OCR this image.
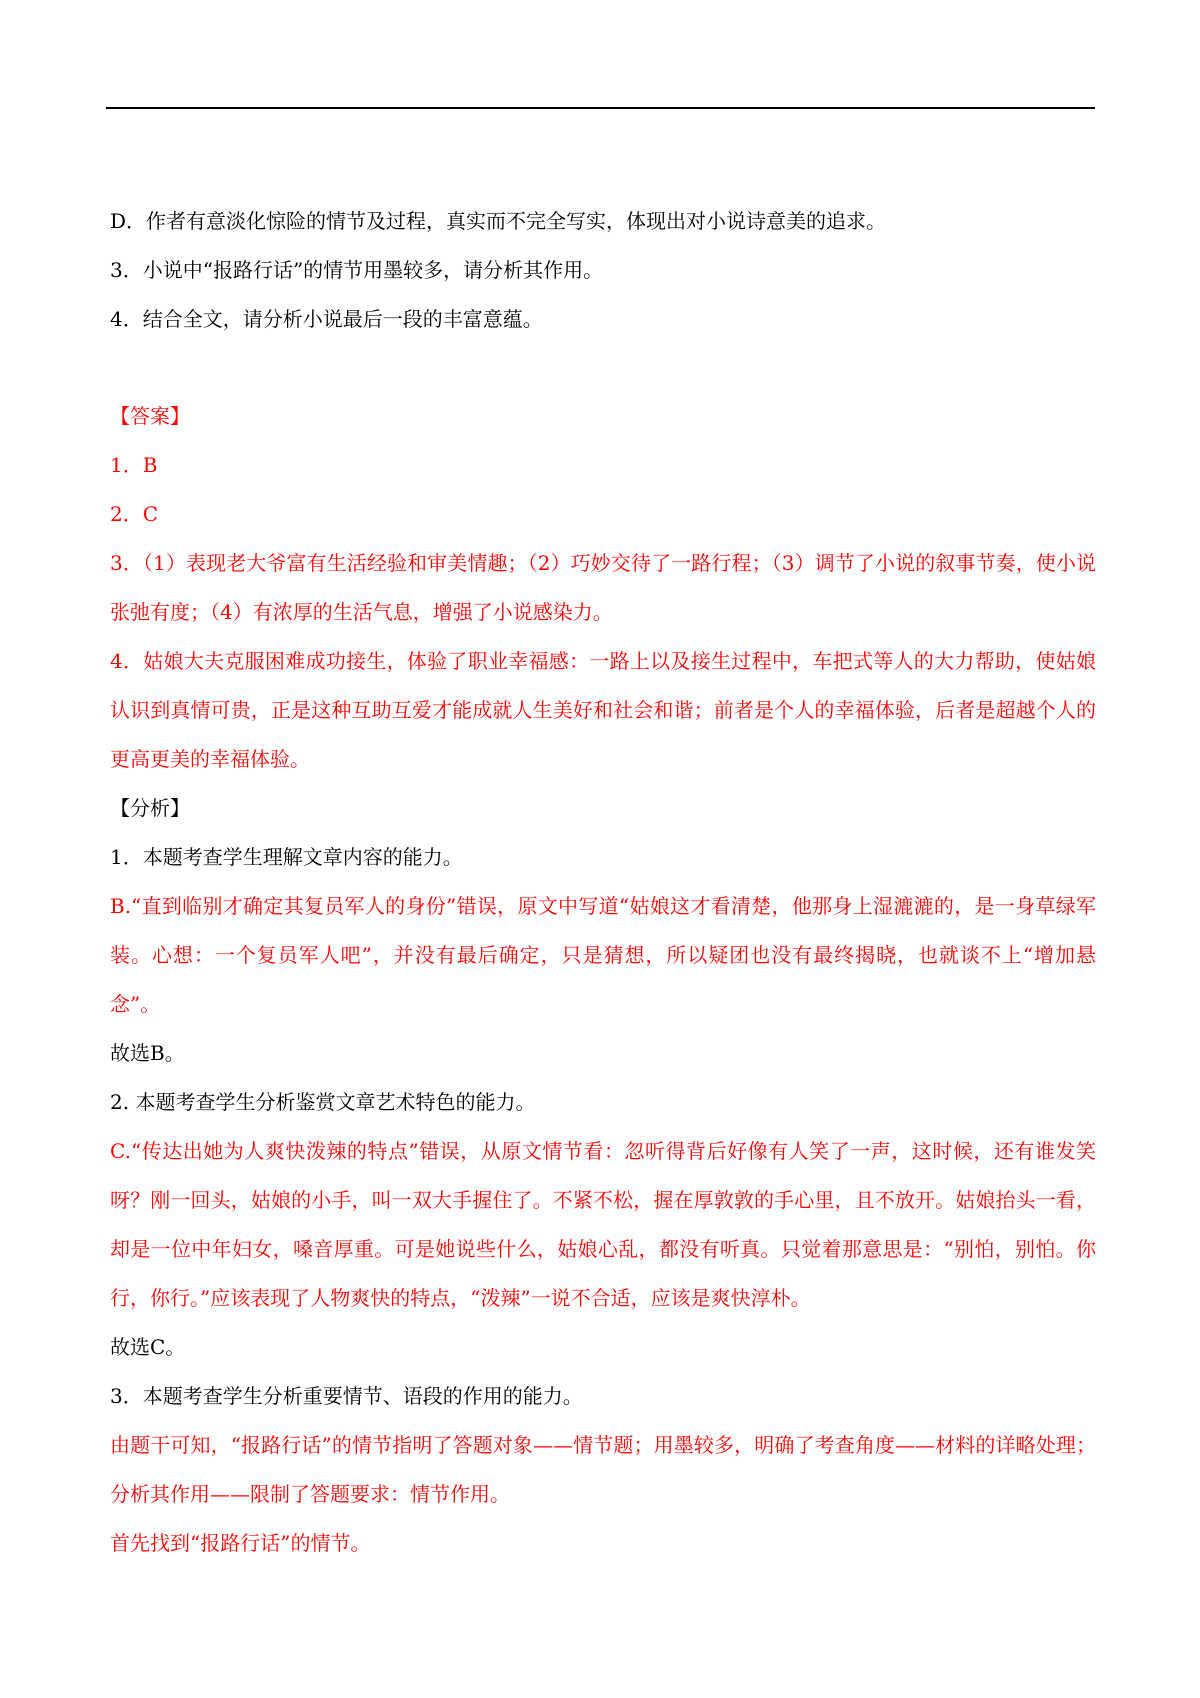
D．作者有意淡化惊险的情节及过程，真实而不完全写实，体现出对小说诗意美的追求。

3．小说中“报路行话”的情节用墨较多，请分析其作用。

4．结合全文，请分析小说最后一段的丰富意蕴。

【答案】

1．B

2．C

3．（1）表现老大爷富有生活经验和审美情趣；（2）巧妙交待了一路行程；（3）调节了小说的叙事节奏，使小说张弛有度；（4）有浓厚的生活气息，增强了小说感染力。

4．姑娘大夫克服困难成功接生，体验了职业幸福感：一路上以及接生过程中，车把式等人的大力帮助，使姑娘认识到真情可贵，正是这种互助互爱才能成就人生美好和社会和谐；前者是个人的幸福体验，后者是超越个人的更高更美的幸福体验。

【分析】

1．本题考查学生理解文章内容的能力。

B.“直到临别才确定其复员军人的身份”错误，原文中写道“姑娘这才看清楚，他那身上湿漉漉的，是一身草绿军装。心想：一个复员军人吧”，并没有最后确定，只是猜想，所以疑团也没有最终揭晓，也就谈不上“增加悬念”。

故选B。

2. 本题考查学生分析鉴赏文章艺术特色的能力。

C.“传达出她为人爽快泼辣的特点”错误，从原文情节看：忽听得背后好像有人笑了一声，这时候，还有谁发笑呀？刚一回头，姑娘的小手，叫一双大手握住了。不紧不松，握在厚敦敦的手心里，且不放开。姑娘抬头一看，却是一位中年妇女，嗓音厚重。可是她说些什么，姑娘心乱，都没有听真。只觉着那意思是：“别怕，别怕。你行，你行。”应该表现了人物爽快的特点，“泼辣”一说不合适，应该是爽快淳朴。

故选C。

3．本题考查学生分析重要情节、语段的作用的能力。

由题干可知，“报路行话”的情节指明了答题对象——情节题；用墨较多，明确了考查角度——材料的详略处理；分析其作用——限制了答题要求：情节作用。

首先找到“报路行话”的情节。
